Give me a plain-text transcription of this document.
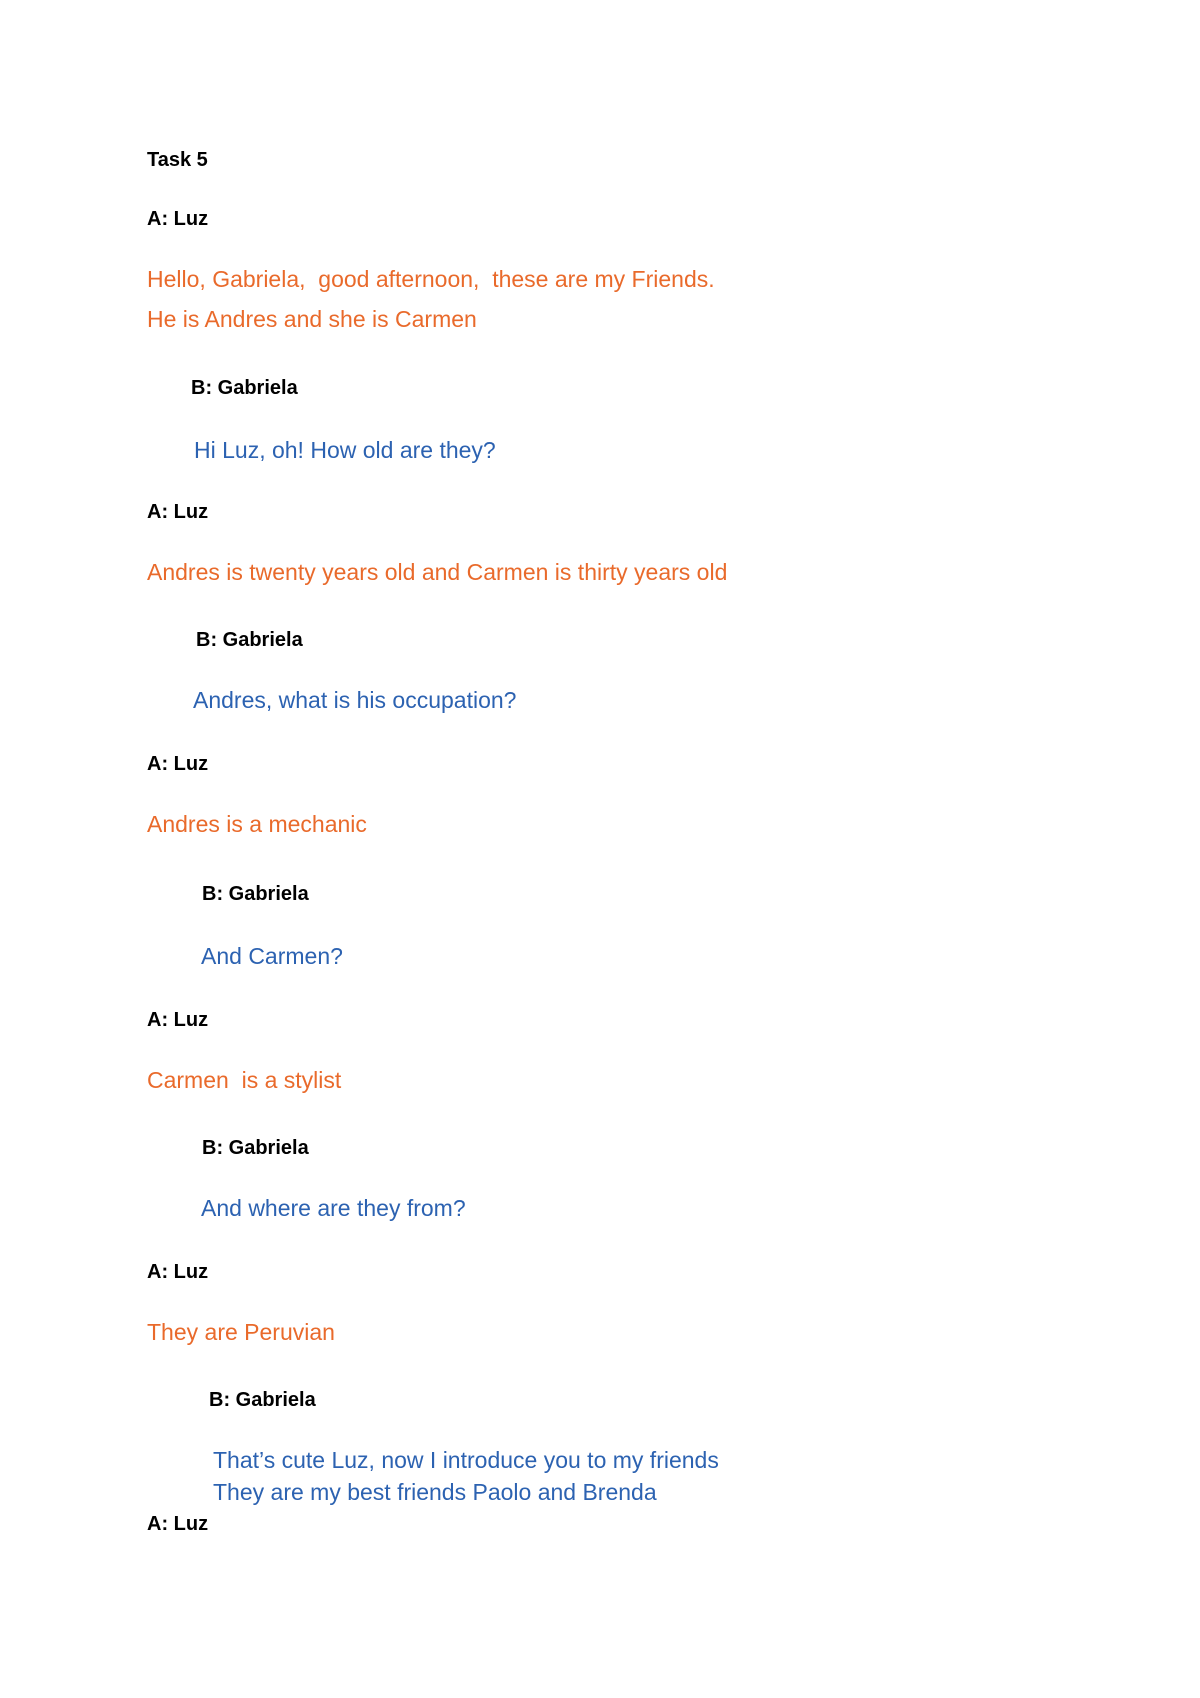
Task 5
A: Luz
Hello, Gabriela,  good afternoon,  these are my Friends.
He is Andres and she is Carmen
B: Gabriela
Hi Luz, oh! How old are they?
A: Luz
Andres is twenty years old and Carmen is thirty years old
B: Gabriela
Andres, what is his occupation?
A: Luz
Andres is a mechanic
B: Gabriela
And Carmen?
A: Luz
Carmen  is a stylist
B: Gabriela
And where are they from?
A: Luz
They are Peruvian
B: Gabriela
That’s cute Luz, now I introduce you to my friends
They are my best friends Paolo and Brenda
A: Luz
